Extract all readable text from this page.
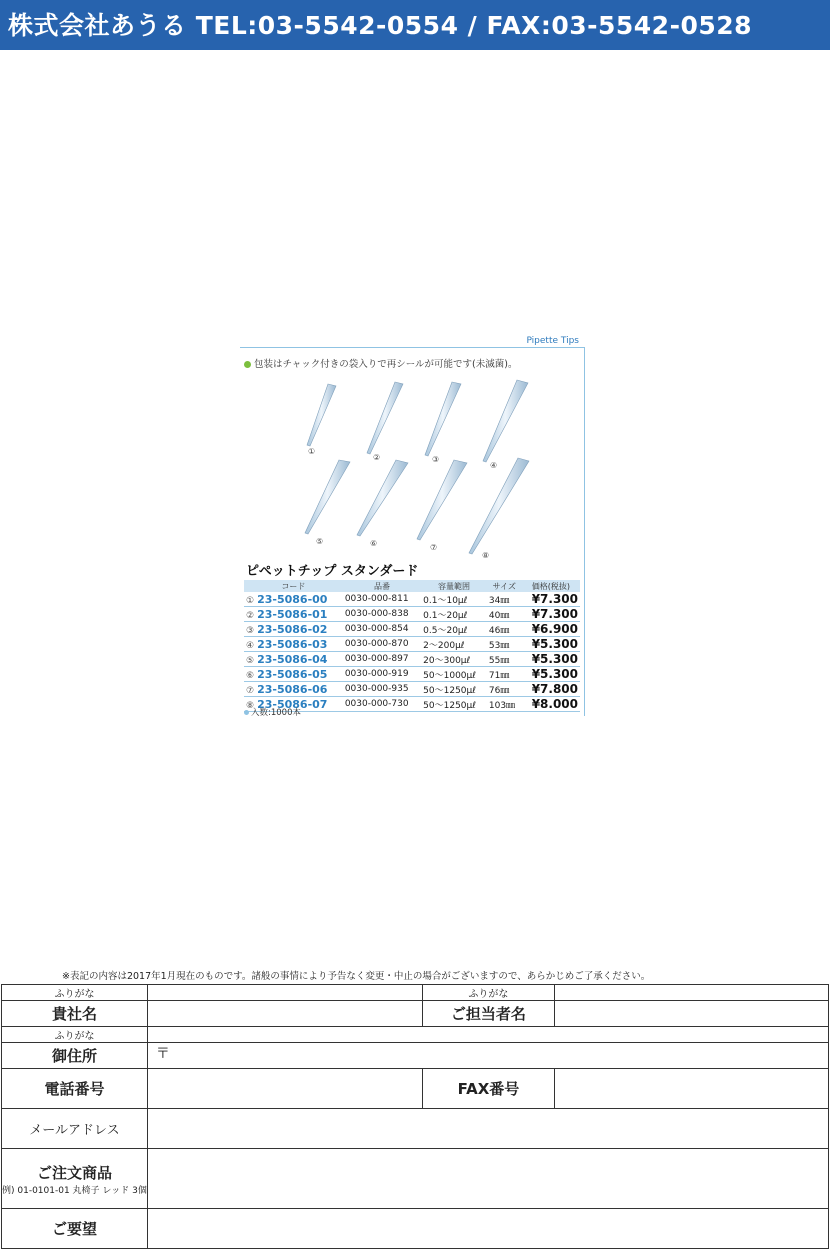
株式会社あうる TEL:03-5542-0554 / FAX:03-5542-0528
Pipette Tips
包装はチャック付きの袋入りで再シールが可能です(未滅菌)。
①
②	③
④
⑤	⑥	⑦
⑧
ピペットチップ スタンダード
コード	品番	容量範囲	サイズ	価格(税抜)
① 23-5086-00	0030-000-811	0.1～10μℓ	34㎜	¥7.300
② 23-5086-01	0030-000-838	0.1～20μℓ	40㎜	¥7.300
③ 23-5086-02	0030-000-854	0.5～20μℓ	46㎜	¥6.900
④ 23-5086-03	0030-000-870	2～200μℓ	53㎜	¥5.300
⑤ 23-5086-04	0030-000-897	20～300μℓ	55㎜	¥5.300
⑥ 23-5086-05	0030-000-919	50～1000μℓ	71㎜	¥5.300
⑦ 23-5086-06	0030-000-935	50～1250μℓ	76㎜	¥7.800
⑧ 23-5086-07	0030-000-730	50～1250μℓ	103㎜	¥8.000
入数:1000本
※表記の内容は2017年1月現在のものです。諸般の事情により予告なく変更・中止の場合がございますので、あらかじめご了承ください。
ふりがな		ふりがな	
貴社名		ご担当者名	
ふりがな			
御住所	〒		
電話番号		FAX番号	
メールアドレス			

ご注文商品
例) 01-0101-01 丸椅子 レッド 3個			

ご要望			
